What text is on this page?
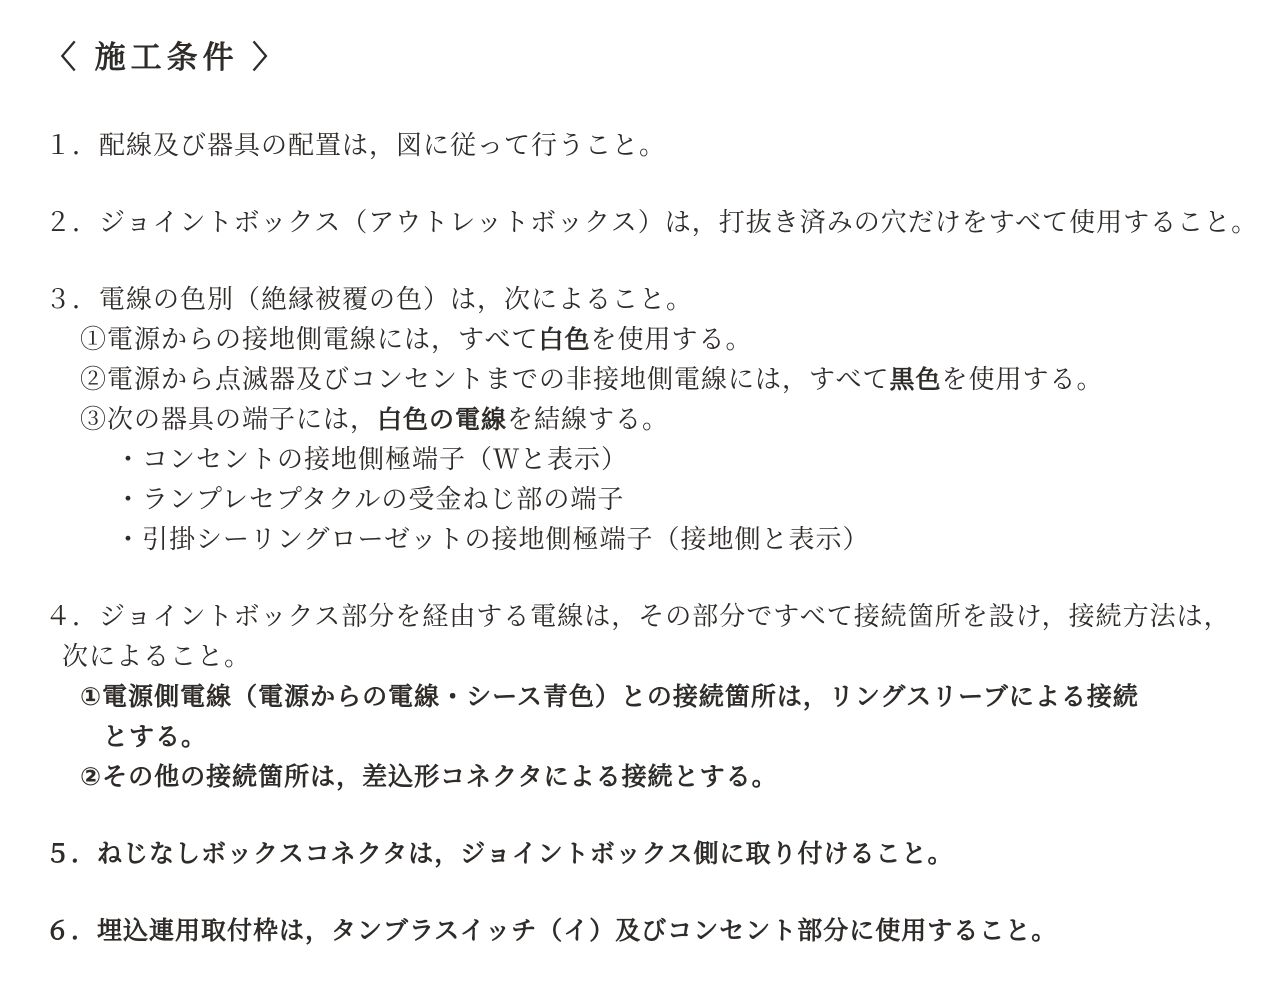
〈 施工条件 〉
１．配線及び器具の配置は，図に従って行うこと。
２．ジョイントボックス（アウトレットボックス）は，打抜き済みの穴だけをすべて使用すること。
３．電線の色別（絶縁被覆の色）は，次によること。
①電源からの接地側電線には，すべて白色を使用する。
②電源から点滅器及びコンセントまでの非接地側電線には，すべて黒色を使用する。
③次の器具の端子には，白色の電線を結線する。
・コンセントの接地側極端子（Ｗと表示）
・ランプレセプタクルの受金ねじ部の端子
・引掛シーリングローゼットの接地側極端子（接地側と表示）
４．ジョイントボックス部分を経由する電線は，その部分ですべて接続箇所を設け，接続方法は，
次によること。
①電源側電線（電源からの電線・シース青色）との接続箇所は，リングスリーブによる接続
とする。
②その他の接続箇所は，差込形コネクタによる接続とする。
５．ねじなしボックスコネクタは，ジョイントボックス側に取り付けること。
６．埋込連用取付枠は，タンブラスイッチ（イ）及びコンセント部分に使用すること。
